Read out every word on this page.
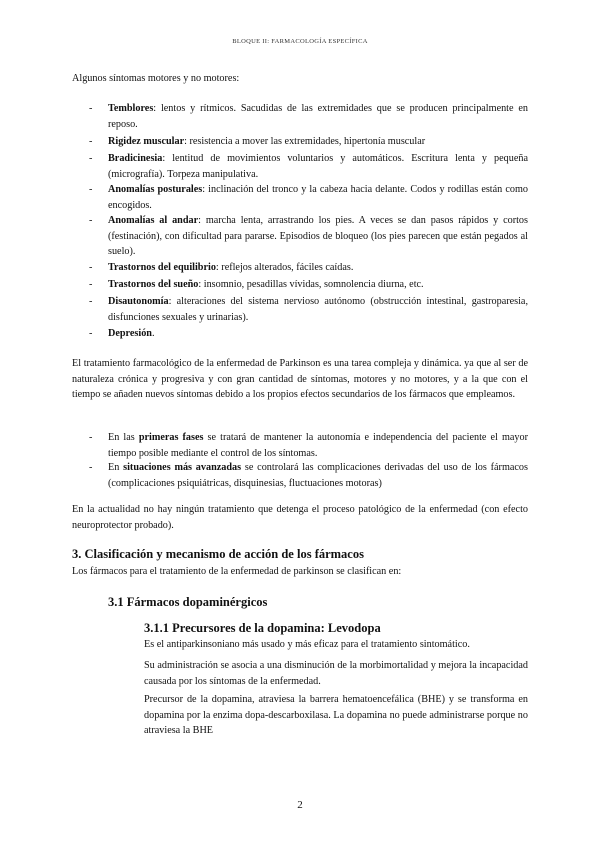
BLOQUE II: FARMACOLOGÍA ESPECÍFICA
Algunos síntomas motores y no motores:
- Temblores: lentos y rítmicos. Sacudidas de las extremidades que se producen principalmente en reposo.
- Rigidez muscular: resistencia a mover las extremidades, hipertonía muscular
- Bradicinesia: lentitud de movimientos voluntarios y automáticos. Escritura lenta y pequeña (micrografía). Torpeza manipulativa.
- Anomalías posturales: inclinación del tronco y la cabeza hacia delante. Codos y rodillas están como encogidos.
- Anomalías al andar: marcha lenta, arrastrando los pies. A veces se dan pasos rápidos y cortos (festinación), con dificultad para pararse. Episodios de bloqueo (los pies parecen que están pegados al suelo).
- Trastornos del equilibrio: reflejos alterados, fáciles caídas.
- Trastornos del sueño: insomnio, pesadillas vívidas, somnolencia diurna, etc.
- Disautonomía: alteraciones del sistema nervioso autónomo (obstrucción intestinal, gastroparesia, disfunciones sexuales y urinarias).
- Depresión.
El tratamiento farmacológico de la enfermedad de Parkinson es una tarea compleja y dinámica. ya que al ser de naturaleza crónica y progresiva y con gran cantidad de síntomas, motores y no motores, y a la que con el tiempo se añaden nuevos síntomas debido a los propios efectos secundarios de los fármacos que empleamos.
- En las primeras fases se tratará de mantener la autonomía e independencia del paciente el mayor tiempo posible mediante el control de los síntomas.
- En situaciones más avanzadas se controlará las complicaciones derivadas del uso de los fármacos (complicaciones psiquiátricas, disquinesias, fluctuaciones motoras)
En la actualidad no hay ningún tratamiento que detenga el proceso patológico de la enfermedad (con efecto neuroprotector probado).
3. Clasificación y mecanismo de acción de los fármacos
Los fármacos para el tratamiento de la enfermedad de parkinson se clasifican en:
3.1 Fármacos dopaminérgicos
3.1.1 Precursores de la dopamina: Levodopa
Es el antiparkinsoniano más usado y más eficaz para el tratamiento sintomático.
Su administración se asocia a una disminución de la morbimortalidad y mejora la incapacidad causada por los síntomas de la enfermedad.
Precursor de la dopamina, atraviesa la barrera hematoencefálica (BHE) y se transforma en dopamina por la enzima dopa-descarboxilasa. La dopamina no puede administrarse porque no atraviesa la BHE
2
